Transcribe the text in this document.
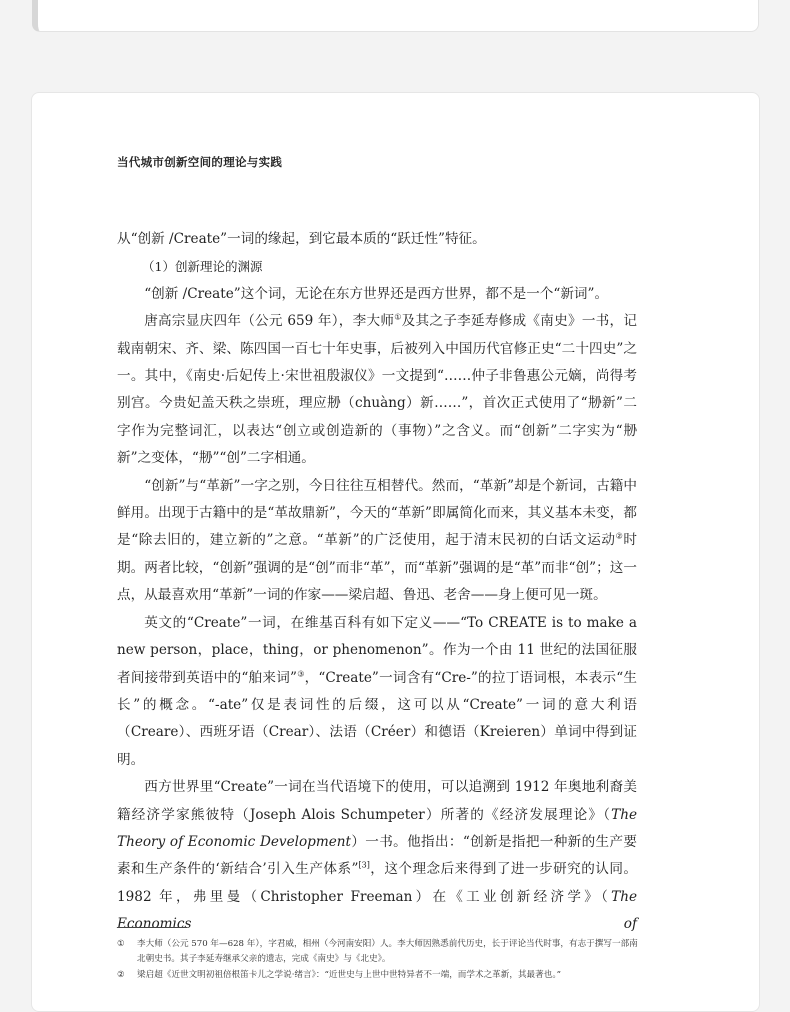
当代城市创新空间的理论与实践

从“创新 /Create”一词的缘起，到它最本质的“跃迁性”特征。

（1）创新理论的渊源

“创新 /Create”这个词，无论在东方世界还是西方世界，都不是一个“新词”。

唐高宗显庆四年（公元 659 年），李大师①及其之子李延寿修成《南史》一书，记载南朝宋、齐、梁、陈四国一百七十年史事，后被列入中国历代官修正史“二十四史”之一。其中，《南史·后妃传上·宋世祖殷淑仪》一文提到“……仲子非鲁惠公元嫡，尚得考别宫。今贵妃盖天秩之崇班，理应刱（chuàng）新……”，首次正式使用了“刱新”二字作为完整词汇，以表达“创立或创造新的（事物）”之含义。而“创新”二字实为“刱新”之变体，“刱”“创”二字相通。

“创新”与“革新”一字之别，今日往往互相替代。然而，“革新”却是个新词，古籍中鲜用。出现于古籍中的是“革故鼎新”，今天的“革新”即属简化而来，其义基本未变，都是“除去旧的，建立新的”之意。“革新”的广泛使用，起于清末民初的白话文运动②时期。两者比较，“创新”强调的是“创”而非“革”，而“革新”强调的是“革”而非“创”；这一点，从最喜欢用“革新”一词的作家——梁启超、鲁迅、老舍——身上便可见一斑。

英文的“Create”一词，在维基百科有如下定义——“To CREATE is to make a new person，place，thing，or phenomenon”。作为一个由 11 世纪的法国征服者间接带到英语中的“舶来词”③，“Create”一词含有“Cre-”的拉丁语词根，本表示“生长”的概念。“-ate”仅是表词性的后缀，这可以从“Create”一词的意大利语（Creare）、西班牙语（Crear）、法语（Créer）和德语（Kreieren）单词中得到证明。

西方世界里“Create”一词在当代语境下的使用，可以追溯到 1912 年奥地利裔美籍经济学家熊彼特（Joseph Alois Schumpeter）所著的《经济发展理论》（The Theory of Economic Development）一书。他指出：“创新是指把一种新的生产要素和生产条件的‘新结合’引入生产体系”[3]，这个理念后来得到了进一步研究的认同。1982 年，弗里曼（Christopher Freeman）在《工业创新经济学》（The Economics of

①	李大师（公元 570 年—628 年），字君威，相州（今河南安阳）人。李大师因熟悉前代历史，长于评论当代时事，有志于撰写一部南北朝史书。其子李延寿继承父亲的遗志，完成《南史》与《北史》。
②	梁启超《近世文明初祖倍根笛卡儿之学说·绪言》：“近世史与上世中世特异者不一端，而学术之革新，其最著也。”
